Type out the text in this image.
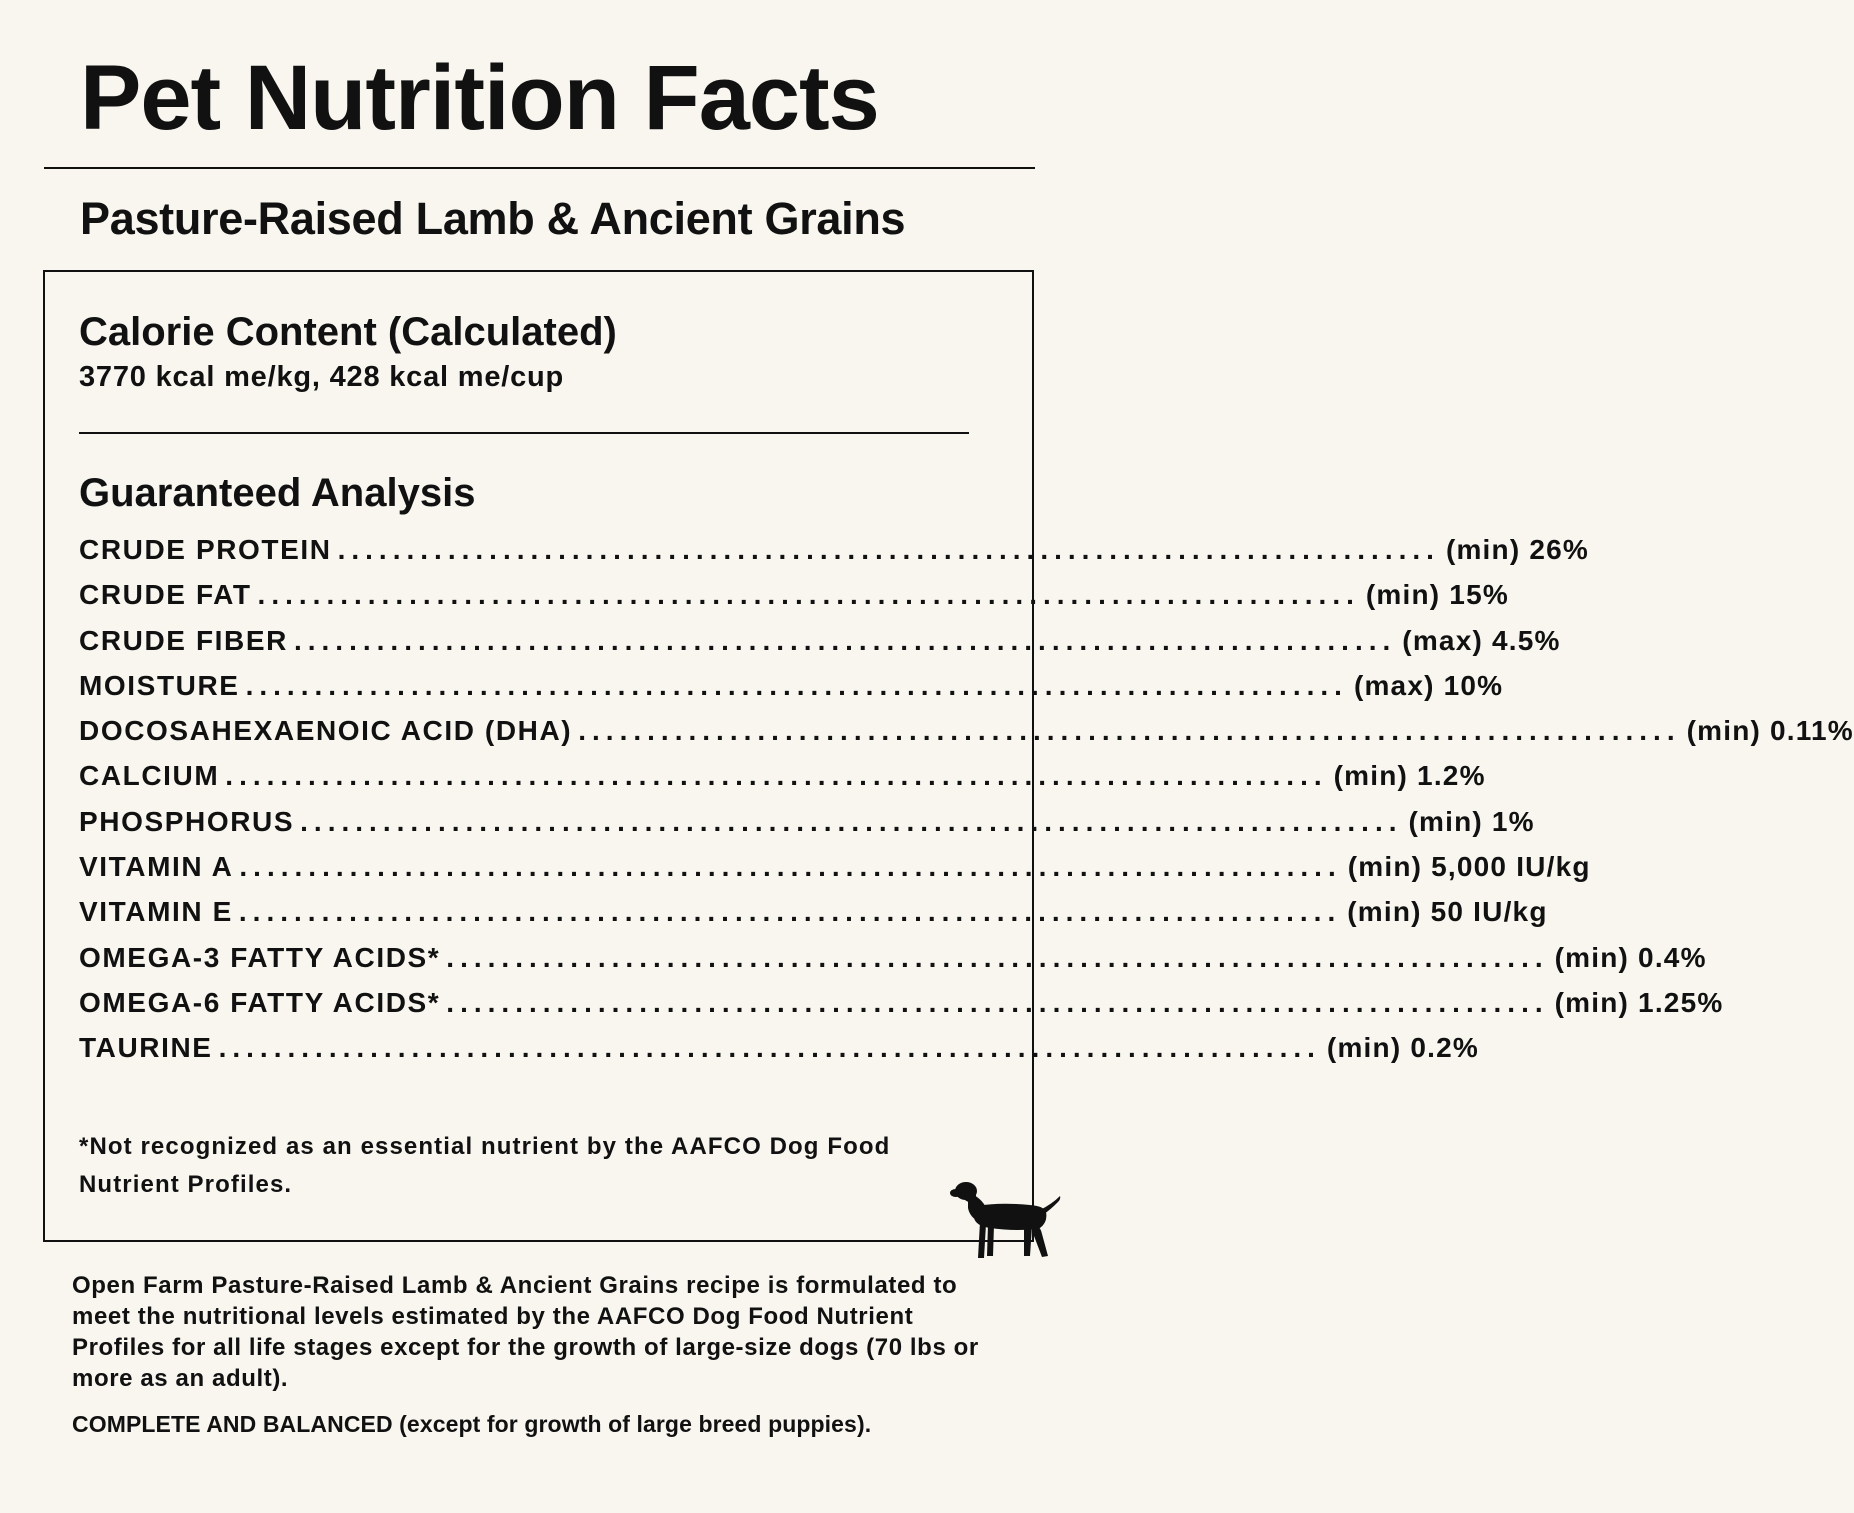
Pet Nutrition Facts
Pasture-Raised Lamb & Ancient Grains
Calorie Content (Calculated)
3770 kcal me/kg, 428 kcal me/cup
Guaranteed Analysis
CRUDE PROTEIN ................................................................................ (min) 26%
CRUDE FAT ................................................................................ (min) 15%
CRUDE FIBER ................................................................................ (max) 4.5%
MOISTURE ................................................................................ (max) 10%
DOCOSAHEXAENOIC ACID (DHA) ................................................................................ (min) 0.11%
CALCIUM ................................................................................ (min) 1.2%
PHOSPHORUS ................................................................................ (min) 1%
VITAMIN A ................................................................................ (min) 5,000 IU/kg
VITAMIN E ................................................................................ (min) 50 IU/kg
OMEGA-3 FATTY ACIDS* ................................................................................ (min) 0.4%
OMEGA-6 FATTY ACIDS* ................................................................................ (min) 1.25%
TAURINE ................................................................................ (min) 0.2%

*Not recognized as an essential nutrient by the AAFCO Dog Food Nutrient Profiles.

Open Farm Pasture-Raised Lamb & Ancient Grains recipe is formulated to meet the nutritional levels estimated by the AAFCO Dog Food Nutrient Profiles for all life stages except for the growth of large-size dogs (70 lbs or more as an adult).

COMPLETE AND BALANCED (except for growth of large breed puppies).
